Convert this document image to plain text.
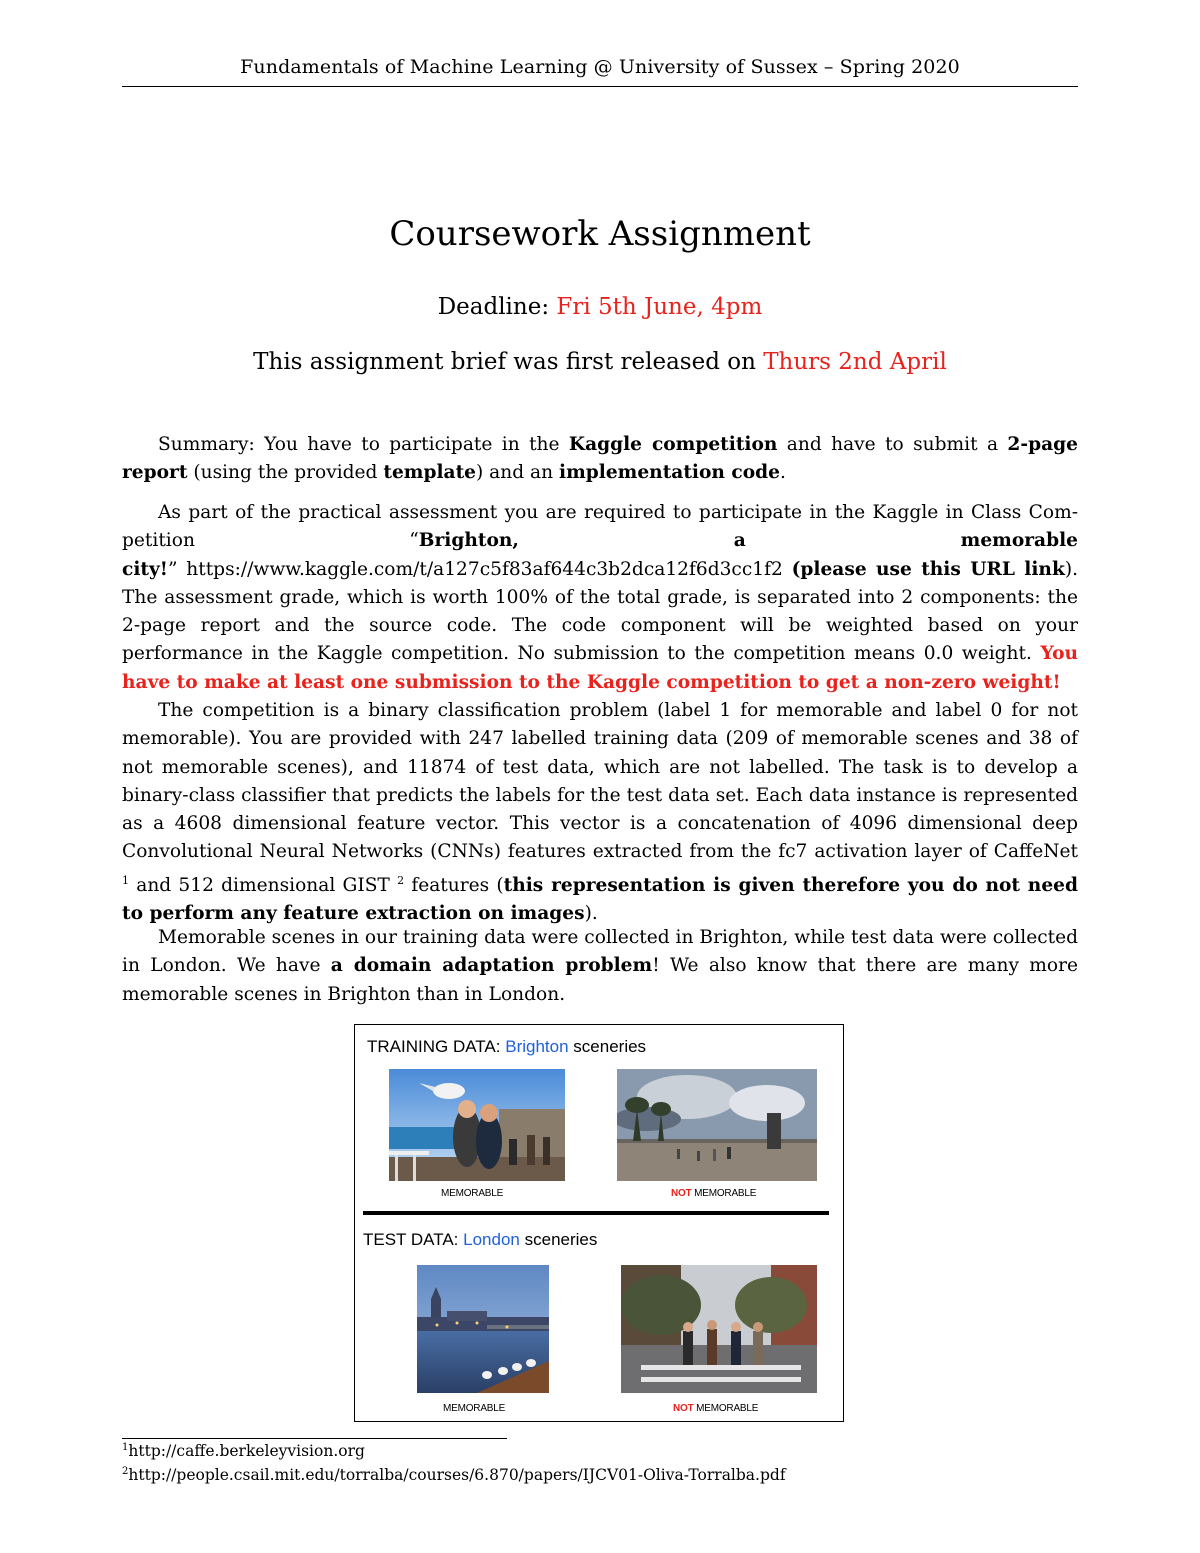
Fundamentals of Machine Learning @ University of Sussex – Spring 2020
Coursework Assignment
Deadline: Fri 5th June, 4pm
This assignment brief was first released on Thurs 2nd April
Summary: You have to participate in the Kaggle competition and have to submit a 2-page report (using the provided template) and an implementation code.
As part of the practical assessment you are required to participate in the Kaggle in Class Com-petition “Brighton, a memorable city!” https://www.kaggle.com/t/a127c5f83af644c3b2dca12f6d3cc1f2 (please use this URL link). The assessment grade, which is worth 100% of the total grade, is separated into 2 components: the 2-page report and the source code. The code component will be weighted based on your performance in the Kaggle competition. No submission to the competition means 0.0 weight. You have to make at least one submission to the Kaggle competition to get a non-zero weight!
The competition is a binary classification problem (label 1 for memorable and label 0 for not memorable). You are provided with 247 labelled training data (209 of memorable scenes and 38 of not memorable scenes), and 11874 of test data, which are not labelled. The task is to develop a binary-class classifier that predicts the labels for the test data set. Each data instance is represented as a 4608 dimensional feature vector. This vector is a concatenation of 4096 dimensional deep Convolutional Neural Networks (CNNs) features extracted from the fc7 activation layer of CaffeNet $^1$ and 512 dimensional GIST $^2$ features (this representation is given therefore you do not need to perform any feature extraction on images).
Memorable scenes in our training data were collected in Brighton, while test data were collected in London. We have a domain adaptation problem! We also know that there are many more memorable scenes in Brighton than in London.
TRAINING DATA: Brighton sceneries
MEMORABLE	NOT MEMORABLE
TEST DATA: London sceneries
MEMORABLE	NOT MEMORABLE
$^1$http://caffe.berkeleyvision.org
$^2$http://people.csail.mit.edu/torralba/courses/6.870/papers/IJCV01-Oliva-Torralba.pdf
